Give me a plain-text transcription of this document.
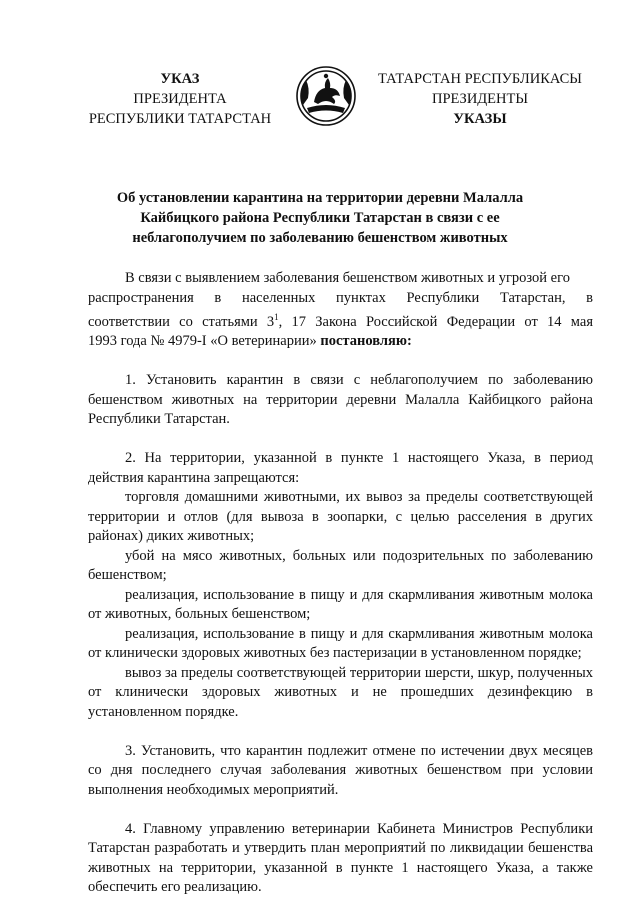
УКАЗ
ПРЕЗИДЕНТА
РЕСПУБЛИКИ ТАТАРСТАН
ТАТАРСТАН РЕСПУБЛИКАСЫ
ПРЕЗИДЕНТЫ
УКАЗЫ
Об установлении карантина на территории деревни Малалла
Кайбицкого района Республики Татарстан в связи с ее
неблагополучием по заболеванию бешенством животных
В связи с выявлением заболевания бешенством животных и угрозой его
распространения в населенных пунктах Республики Татарстан, в
соответствии со статьями $3^1$, 17 Закона Российской Федерации от 14 мая
1993 года № 4979-I «О ветеринарии» постановляю:

1. Установить карантин в связи с неблагополучием по заболеванию бешенством животных на территории деревни Малалла Кайбицкого района Республики Татарстан.

2. На территории, указанной в пункте 1 настоящего Указа, в период действия карантина запрещаются:

торговля домашними животными, их вывоз за пределы соответствующей территории и отлов (для вывоза в зоопарки, с целью расселения в других районах) диких животных;

убой на мясо животных, больных или подозрительных по заболеванию бешенством;

реализация, использование в пищу и для скармливания животным молока от животных, больных бешенством;

реализация, использование в пищу и для скармливания животным молока от клинически здоровых животных без пастеризации в установленном порядке;

вывоз за пределы соответствующей территории шерсти, шкур, полученных от клинически здоровых животных и не прошедших дезинфекцию в установленном порядке.

3. Установить, что карантин подлежит отмене по истечении двух месяцев со дня последнего случая заболевания животных бешенством при условии выполнения необходимых мероприятий.

4. Главному управлению ветеринарии Кабинета Министров Республики Татарстан разработать и утвердить план мероприятий по ликвидации бешенства животных на территории, указанной в пункте 1 настоящего Указа, а также обеспечить его реализацию.
